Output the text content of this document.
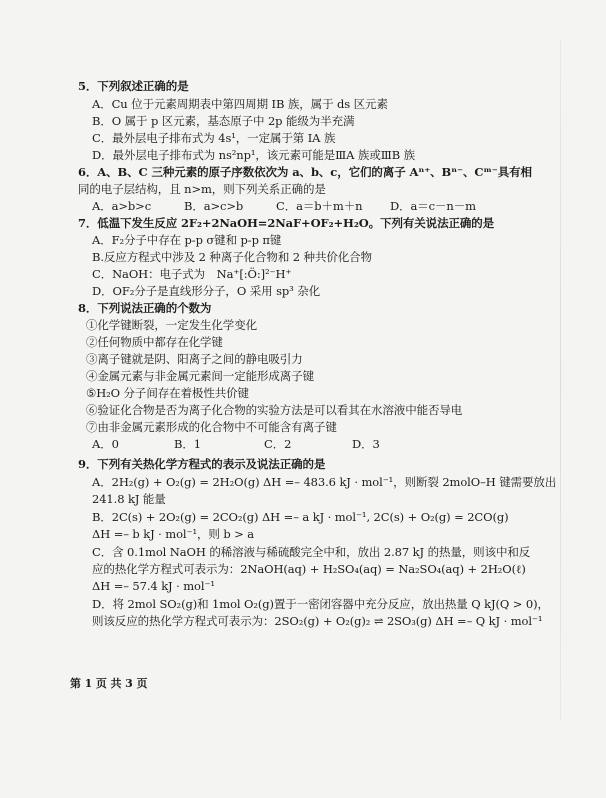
5．下列叙述正确的是
A．Cu 位于元素周期表中第四周期 IB 族，属于 ds 区元素
B．O 属于 p 区元素，基态原子中 2p 能级为半充满
C．最外层电子排布式为 4s¹，一定属于第 IA 族
D．最外层电子排布式为 ns²np¹，该元素可能是ⅢA 族或ⅢB 族
6．A、B、C 三种元素的原子序数依次为 a、b、c，它们的离子 Aⁿ⁺、Bⁿ⁻、Cᵐ⁻具有相
同的电子层结构，且 n>m，则下列关系正确的是
A．a>b>c	B．a>c>b	C．a＝b＋m＋n D．a＝c－n－m
7．低温下发生反应 2F₂+2NaOH=2NaF+OF₂+H₂O。下列有关说法正确的是
A．F₂分子中存在 p-p σ键和 p-p π键
B.反应方程式中涉及 2 种离子化合物和 2 种共价化合物
C．NaOH：电子式为 Na⁺[:Ö:]²⁻H⁺
D．OF₂分子是直线形分子，O 采用 sp³ 杂化
8．下列说法正确的个数为
①化学键断裂，一定发生化学变化
②任何物质中都存在化学键
③离子键就是阴、阳离子之间的静电吸引力
④金属元素与非金属元素间一定能形成离子键
⑤H₂O 分子间存在着极性共价键
⑥验证化合物是否为离子化合物的实验方法是可以看其在水溶液中能否导电
⑦由非金属元素形成的化合物中不可能含有离子键
A．0	B．1	C．2	D．3
9．下列有关热化学方程式的表示及说法正确的是
A．2H₂(g) + O₂(g) = 2H₂O(g) ΔH =– 483.6 kJ · mol⁻¹，则断裂 2molO–H 键需要放出
241.8 kJ 能量
B．2C(s) + 2O₂(g) = 2CO₂(g) ΔH =– a kJ · mol⁻¹, 2C(s) + O₂(g) = 2CO(g)
ΔH =– b kJ · mol⁻¹，则 b > a
C．含 0.1mol NaOH 的稀溶液与稀硫酸完全中和，放出 2.87 kJ 的热量，则该中和反
应的热化学方程式可表示为：2NaOH(aq) + H₂SO₄(aq) = Na₂SO₄(aq) + 2H₂O(ℓ)
ΔH =– 57.4 kJ · mol⁻¹
D．将 2mol SO₂(g)和 1mol O₂(g)置于一密闭容器中充分反应，放出热量 Q kJ(Q > 0)，
则该反应的热化学方程式可表示为：2SO₂(g) + O₂(g)₂ ⇌ 2SO₃(g) ΔH =– Q kJ · mol⁻¹
第 1 页 共 3 页
